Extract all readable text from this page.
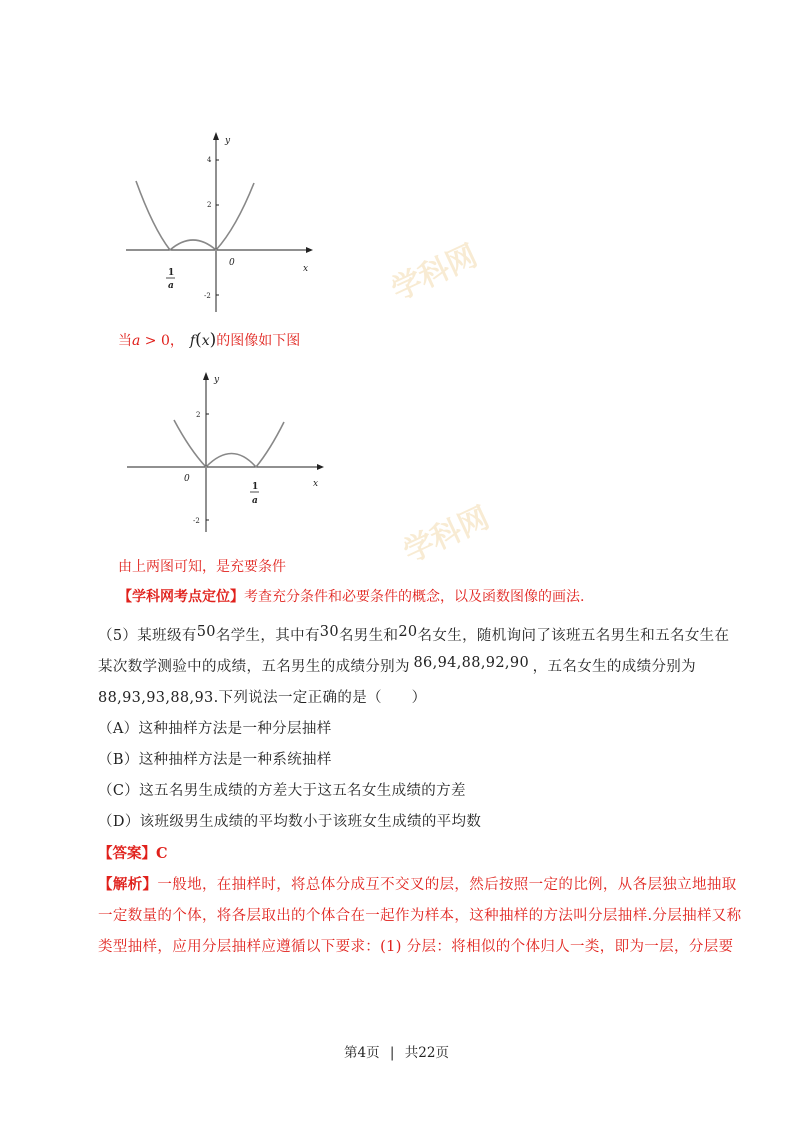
学科网
学科网
y
x
0
4
2
-2
1
a
当a > 0， f(x)的图像如下图
y
x
0
2
-2
1
a
由上两图可知，是充要条件
【学科网考点定位】考查充分条件和必要条件的概念，以及函数图像的画法.
（5）某班级有 50 名学生，其中有 30 名男生和 20 名女生，随机询问了该班五名男生和五名女生在
某次数学测验中的成绩，五名男生的成绩分别为 86,94,88,92,90 ，五名女生的成绩分别为
88,93,93,88,93.下列说法一定正确的是（　　）
（A）这种抽样方法是一种分层抽样
（B）这种抽样方法是一种系统抽样
（C）这五名男生成绩的方差大于这五名女生成绩的方差
（D）该班级男生成绩的平均数小于该班女生成绩的平均数
【答案】C
【解析】一般地，在抽样时，将总体分成互不交叉的层，然后按照一定的比例，从各层独立地抽取
一定数量的个体，将各层取出的个体合在一起作为样本，这种抽样的方法叫分层抽样.分层抽样又称
类型抽样，应用分层抽样应遵循以下要求：(1) 分层：将相似的个体归人一类，即为一层，分层要
第4页 | 共22页
